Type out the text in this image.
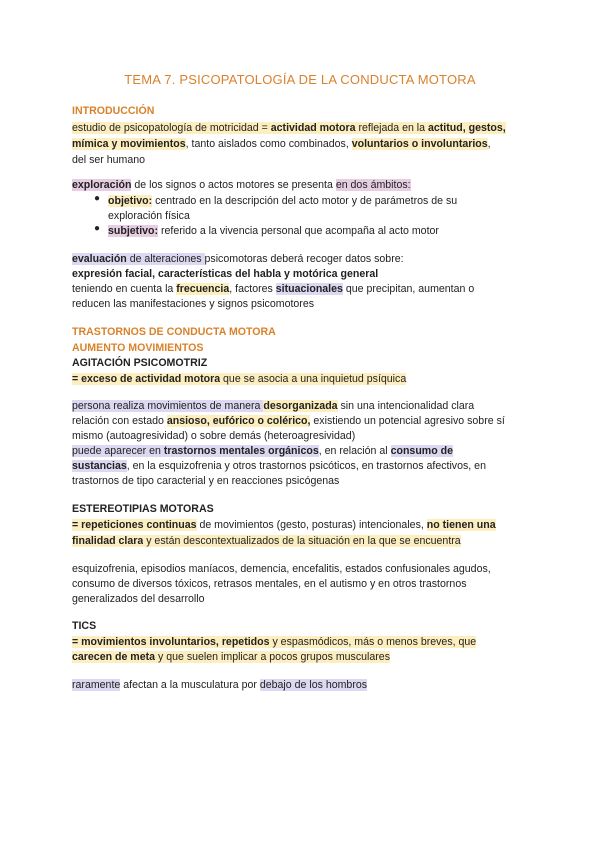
TEMA 7. PSICOPATOLOGÍA DE LA CONDUCTA MOTORA
INTRODUCCIÓN
estudio de psicopatología de motricidad = actividad motora reflejada en la actitud, gestos,
mímica y movimientos, tanto aislados como combinados, voluntarios o involuntarios,
del ser humano
exploración de los signos o actos motores se presenta en dos ámbitos:
● objetivo: centrado en la descripción del acto motor y de parámetros de su
exploración física
● subjetivo: referido a la vivencia personal que acompaña al acto motor
evaluación de alteraciones psicomotoras deberá recoger datos sobre:
expresión facial, características del habla y motórica general
teniendo en cuenta la frecuencia, factores situacionales que precipitan, aumentan o
reducen las manifestaciones y signos psicomotores
TRASTORNOS DE CONDUCTA MOTORA
AUMENTO MOVIMIENTOS
AGITACIÓN PSICOMOTRIZ
= exceso de actividad motora que se asocia a una inquietud psíquica
persona realiza movimientos de manera desorganizada sin una intencionalidad clara
relación con estado ansioso, eufórico o colérico, existiendo un potencial agresivo sobre sí
mismo (autoagresividad) o sobre demás (heteroagresividad)
puede aparecer en trastornos mentales orgánicos, en relación al consumo de
sustancias, en la esquizofrenia y otros trastornos psicóticos, en trastornos afectivos, en
trastornos de tipo caracterial y en reacciones psicógenas
ESTEREOTIPIAS MOTORAS
= repeticiones continuas de movimientos (gesto, posturas) intencionales, no tienen una
finalidad clara y están descontextualizados de la situación en la que se encuentra
esquizofrenia, episodios maníacos, demencia, encefalitis, estados confusionales agudos,
consumo de diversos tóxicos, retrasos mentales, en el autismo y en otros trastornos
generalizados del desarrollo
TICS
= movimientos involuntarios, repetidos y espasmódicos, más o menos breves, que
carecen de meta y que suelen implicar a pocos grupos musculares
raramente afectan a la musculatura por debajo de los hombros
